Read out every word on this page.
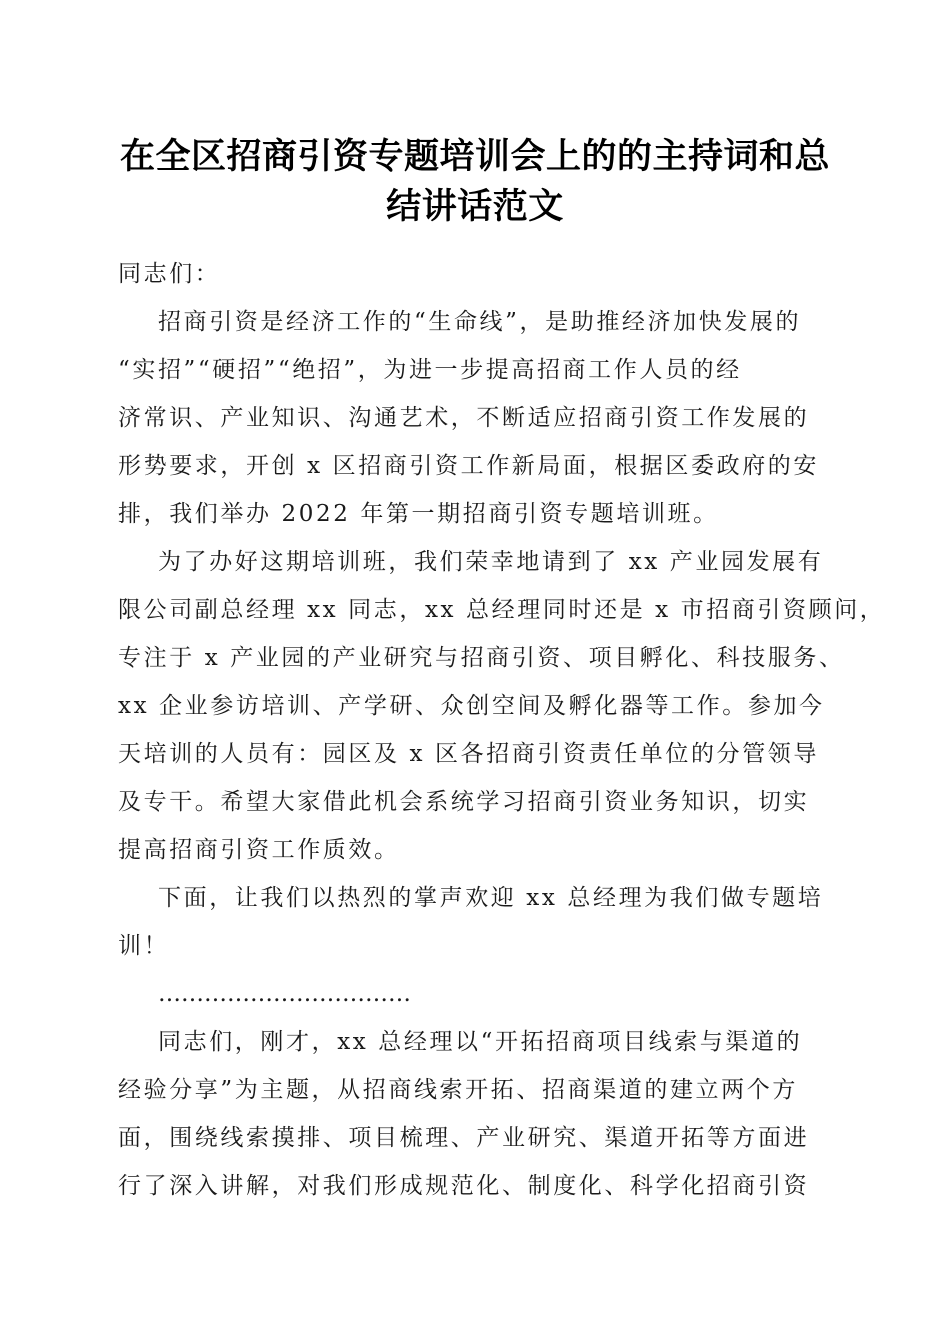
在全区招商引资专题培训会上的的主持词和总
结讲话范文
同志们：
招商引资是经济工作的“生命线”，是助推经济加快发展的
“实招”“硬招”“绝招”，为进一步提高招商工作人员的经
济常识、产业知识、沟通艺术，不断适应招商引资工作发展的
形势要求，开创 x 区招商引资工作新局面，根据区委政府的安
排，我们举办 2022 年第一期招商引资专题培训班。
为了办好这期培训班，我们荣幸地请到了 xx 产业园发展有
限公司副总经理 xx 同志，xx 总经理同时还是 x 市招商引资顾问，
专注于 x 产业园的产业研究与招商引资、项目孵化、科技服务、
xx 企业参访培训、产学研、众创空间及孵化器等工作。参加今
天培训的人员有：园区及 x 区各招商引资责任单位的分管领导
及专干。希望大家借此机会系统学习招商引资业务知识，切实
提高招商引资工作质效。
下面，让我们以热烈的掌声欢迎 xx 总经理为我们做专题培
训！
……………………………
同志们，刚才，xx 总经理以“开拓招商项目线索与渠道的
经验分享”为主题，从招商线索开拓、招商渠道的建立两个方
面，围绕线索摸排、项目梳理、产业研究、渠道开拓等方面进
行了深入讲解，对我们形成规范化、制度化、科学化招商引资
